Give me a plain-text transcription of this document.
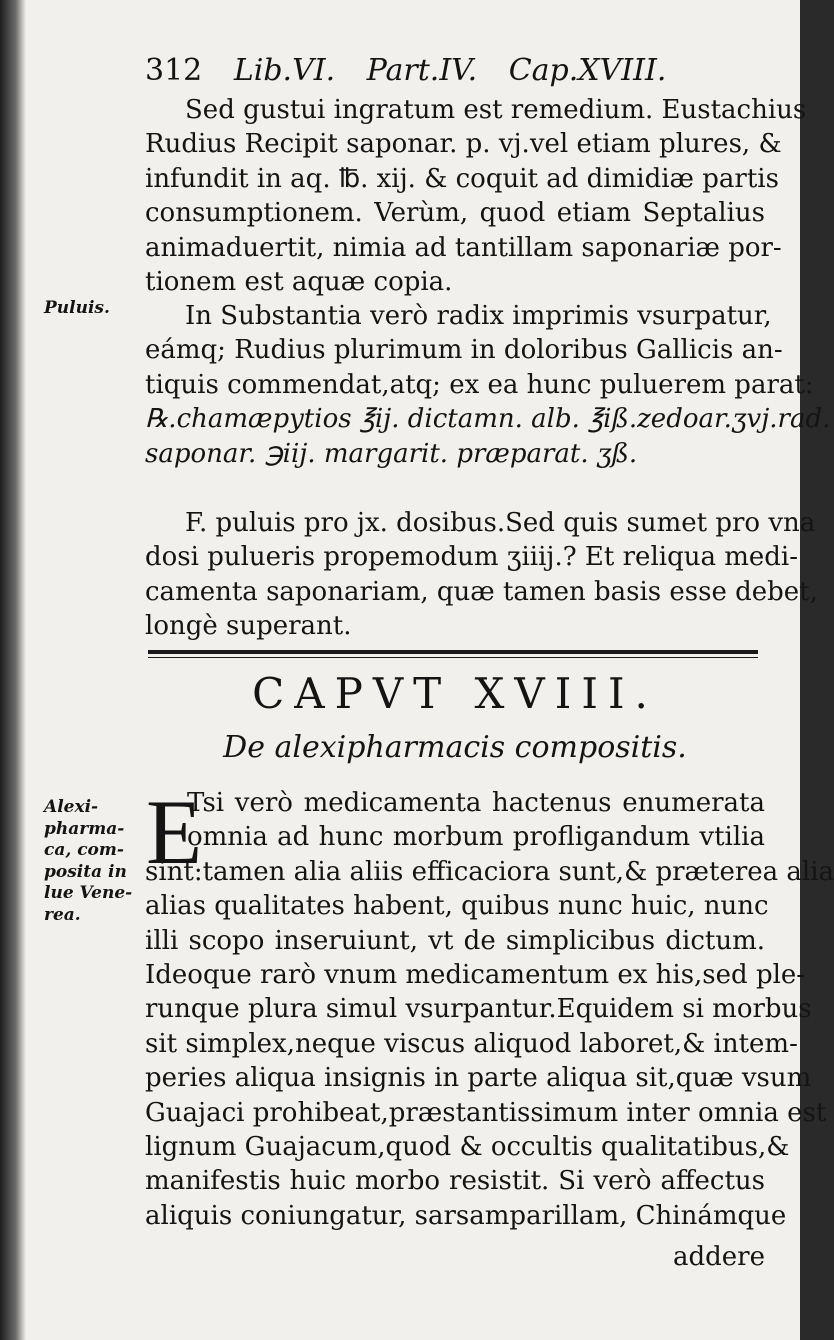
312 Lib.VI. Part.IV. Cap.XVIII.
Sed gustui ingratum est remedium. Eustachius
Rudius Recipit saponar. p. vj.vel etiam plures, &
infundit in aq. ℔. xij. & coquit ad dimidiæ partis
consumptionem. Verùm, quod etiam Septalius
animaduertit, nimia ad tantillam saponariæ por-
tionem est aquæ copia.
Puluis.	In Substantia verò radix imprimis vsurpatur,
eámq; Rudius plurimum in doloribus Gallicis an-
tiquis commendat,atq; ex ea hunc puluerem parat:
℞.chamæpytios ℥ij. dictamn. alb. ℥iß.zedoar.ʒvj.rad.
saponar. ℈iij. margarit. præparat. ʒß.
F. puluis pro jx. dosibus.Sed quis sumet pro vna
dosi pulueris propemodum ʒiiij.? Et reliqua medi-
camenta saponariam, quæ tamen basis esse debet,
longè superant.
CAPVT XVIII.
De alexipharmacis compositis.
Alexi-
pharma-
ca, com-
posita in
lue Vene-
rea.
E
Tsi verò medicamenta hactenus enumerata
omnia ad hunc morbum profligandum vtilia
sint:tamen alia aliis efficaciora sunt,& præterea alia
alias qualitates habent, quibus nunc huic, nunc
illi scopo inseruiunt, vt de simplicibus dictum.
Ideoque rarò vnum medicamentum ex his,sed ple-
runque plura simul vsurpantur.Equidem si morbus
sit simplex,neque viscus aliquod laboret,& intem-
peries aliqua insignis in parte aliqua sit,quæ vsum
Guajaci prohibeat,præstantissimum inter omnia est
lignum Guajacum,quod & occultis qualitatibus,&
manifestis huic morbo resistit. Si verò affectus
aliquis coniungatur, sarsamparillam, Chinámque
addere
